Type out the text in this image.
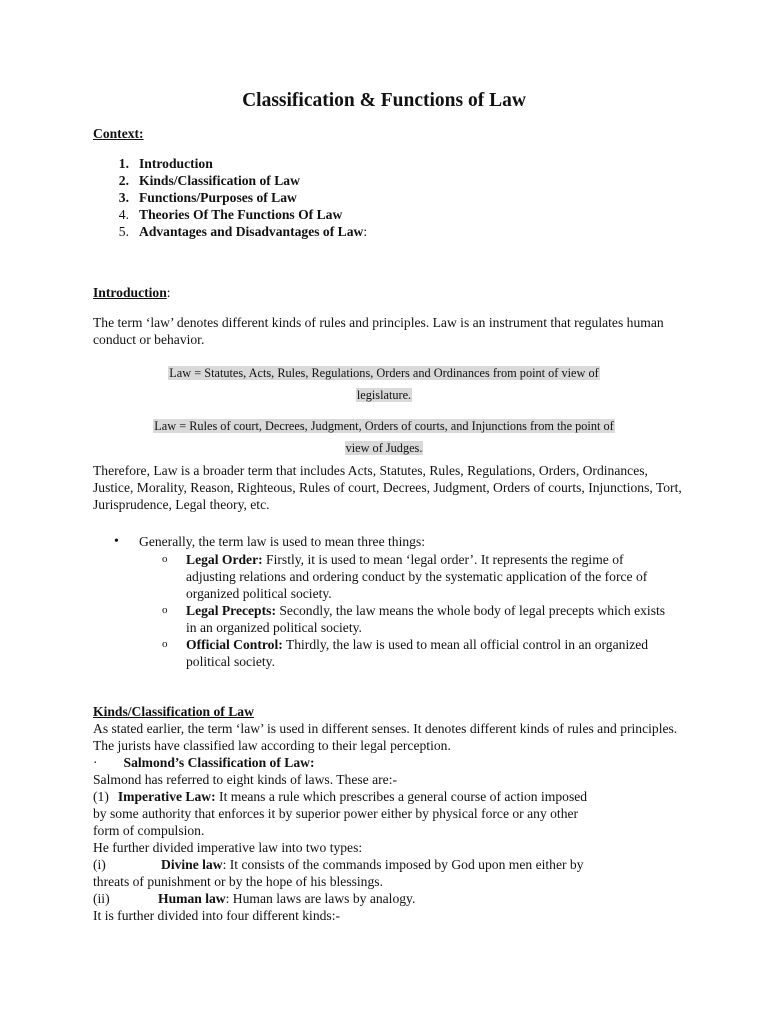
Classification & Functions of Law
Context:
1. Introduction
2. Kinds/Classification of Law
3. Functions/Purposes of Law
4. Theories Of The Functions Of Law
5. Advantages and Disadvantages of Law:
Introduction:
The term ‘law’ denotes different kinds of rules and principles. Law is an instrument that regulates human conduct or behavior.
Law = Statutes, Acts, Rules, Regulations, Orders and Ordinances from point of view of
legislature.
Law = Rules of court, Decrees, Judgment, Orders of courts, and Injunctions from the point of
view of Judges.
Therefore, Law is a broader term that includes Acts, Statutes, Rules, Regulations, Orders, Ordinances, Justice, Morality, Reason, Righteous, Rules of court, Decrees, Judgment, Orders of courts, Injunctions, Tort, Jurisprudence, Legal theory, etc.
• Generally, the term law is used to mean three things:
o Legal Order: Firstly, it is used to mean ‘legal order’. It represents the regime of adjusting relations and ordering conduct by the systematic application of the force of organized political society.
o Legal Precepts: Secondly, the law means the whole body of legal precepts which exists in an organized political society.
o Official Control: Thirdly, the law is used to mean all official control in an organized political society.
Kinds/Classification of Law
As stated earlier, the term ‘law’ is used in different senses. It denotes different kinds of rules and principles. The jurists have classified law according to their legal perception.
· Salmond’s Classification of Law:
Salmond has referred to eight kinds of laws. These are:-
(1) Imperative Law: It means a rule which prescribes a general course of action imposed
by some authority that enforces it by superior power either by physical force or any other
form of compulsion.
He further divided imperative law into two types:
(i)	Divine law: It consists of the commands imposed by God upon men either by
threats of punishment or by the hope of his blessings.
(ii)	Human law: Human laws are laws by analogy.
It is further divided into four different kinds:-
